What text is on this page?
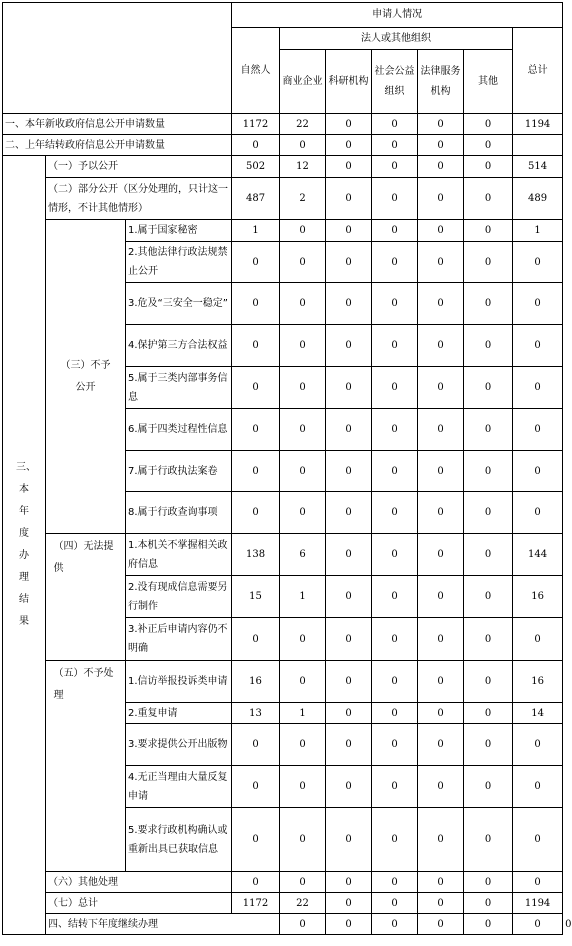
			申请人情况							
			自然人	法人或其他组织					总计	
				商业企业	科研机构	社会公益组织	法律服务机构	其他		
一、本年新收政府信息公开申请数量			1172	22	0	0	0	0	1194	
二、上年结转政府信息公开申请数量			0	0	0	0	0	0		

三、本年度办理结果	（一）予以公开		502	12	0	0	0	0	514	
	（二）部分公开（区分处理的，只计这一情形，不计其他情形）		487	2	0	0	0	0	489	

	（三）不予公开	1.属于国家秘密	1	0	0	0	0	0	1	
		2.其他法律行政法规禁止公开	0	0	0	0	0	0	0	
		3.危及“三安全一稳定”	0	0	0	0	0	0	0	
		4.保护第三方合法权益	0	0	0	0	0	0	0	
		5.属于三类内部事务信息	0	0	0	0	0	0	0	
		6.属于四类过程性信息	0	0	0	0	0	0	0	
		7.属于行政执法案卷	0	0	0	0	0	0	0	
		8.属于行政查询事项	0	0	0	0	0	0	0	

	（四）无法提供	1.本机关不掌握相关政府信息	138	6	0	0	0	0	144	
		2.没有现成信息需要另行制作	15	1	0	0	0	0	16	
		3.补正后申请内容仍不明确	0	0	0	0	0	0	0	

	（五）不予处理	1.信访举报投诉类申请	16	0	0	0	0	0	16	
		2.重复申请	13	1	0	0	0	0	14	
		3.要求提供公开出版物	0	0	0	0	0	0	0	
		4.无正当理由大量反复申请	0	0	0	0	0	0	0	
		5.要求行政机构确认或重新出具已获取信息	0	0	0	0	0	0	0	
	（六）其他处理		0	0	0	0	0	0	0	
	（七）总计		1172	22	0	0	0	0	1194	
	四、结转下年度继续办理			0	0	0	0	0	0	0
